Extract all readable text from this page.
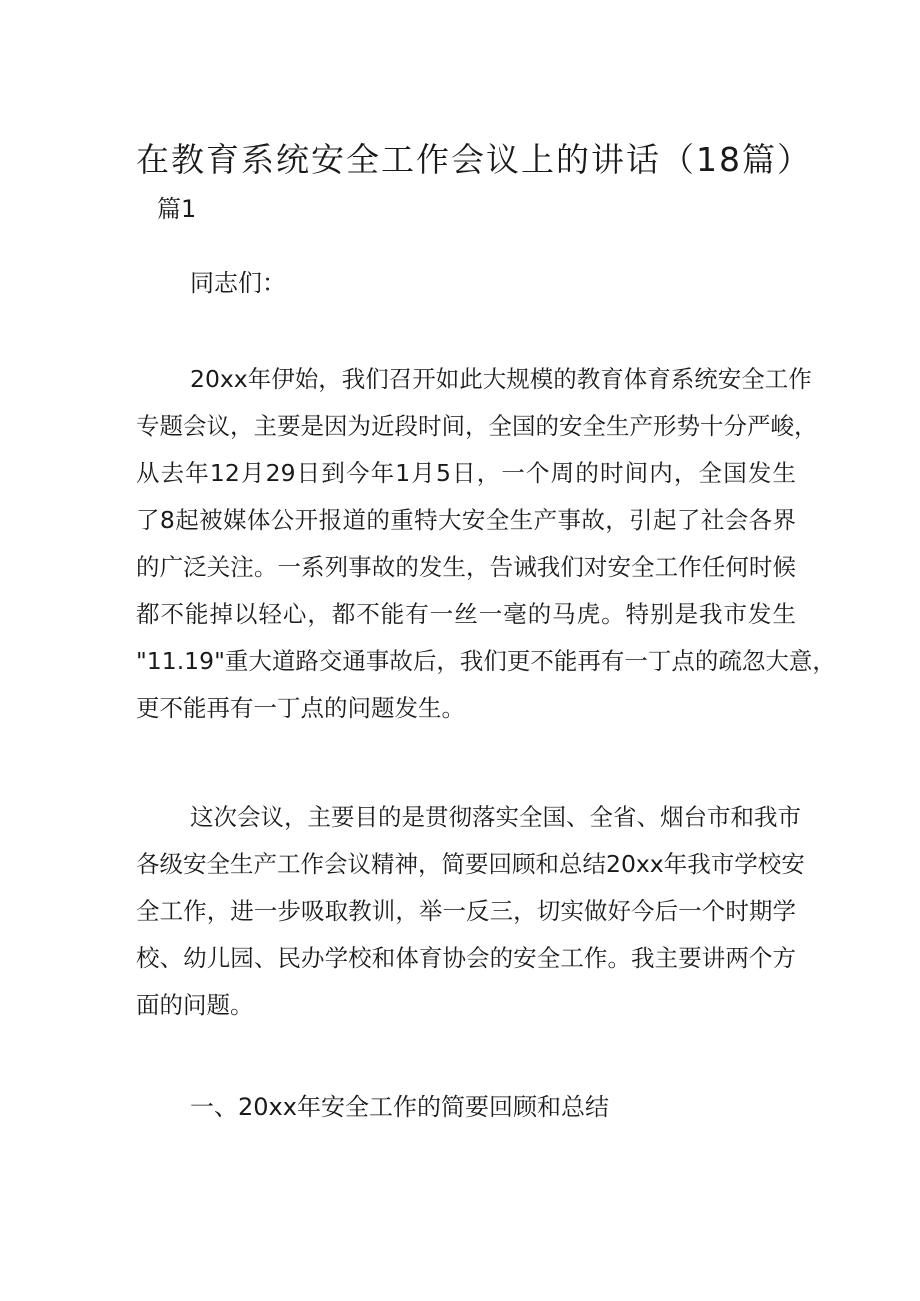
在教育系统安全工作会议上的讲话（18篇）

篇1

同志们：

20xx年伊始，我们召开如此大规模的教育体育系统安全工作
专题会议，主要是因为近段时间，全国的安全生产形势十分严峻，
从去年12月29日到今年1月5日，一个周的时间内，全国发生
了8起被媒体公开报道的重特大安全生产事故，引起了社会各界
的广泛关注。一系列事故的发生，告诫我们对安全工作任何时候
都不能掉以轻心，都不能有一丝一毫的马虎。特别是我市发生
"11.19"重大道路交通事故后，我们更不能再有一丁点的疏忽大意，
更不能再有一丁点的问题发生。
这次会议，主要目的是贯彻落实全国、全省、烟台市和我市
各级安全生产工作会议精神，简要回顾和总结20xx年我市学校安
全工作，进一步吸取教训，举一反三，切实做好今后一个时期学
校、幼儿园、民办学校和体育协会的安全工作。我主要讲两个方
面的问题。

一、20xx年安全工作的简要回顾和总结
